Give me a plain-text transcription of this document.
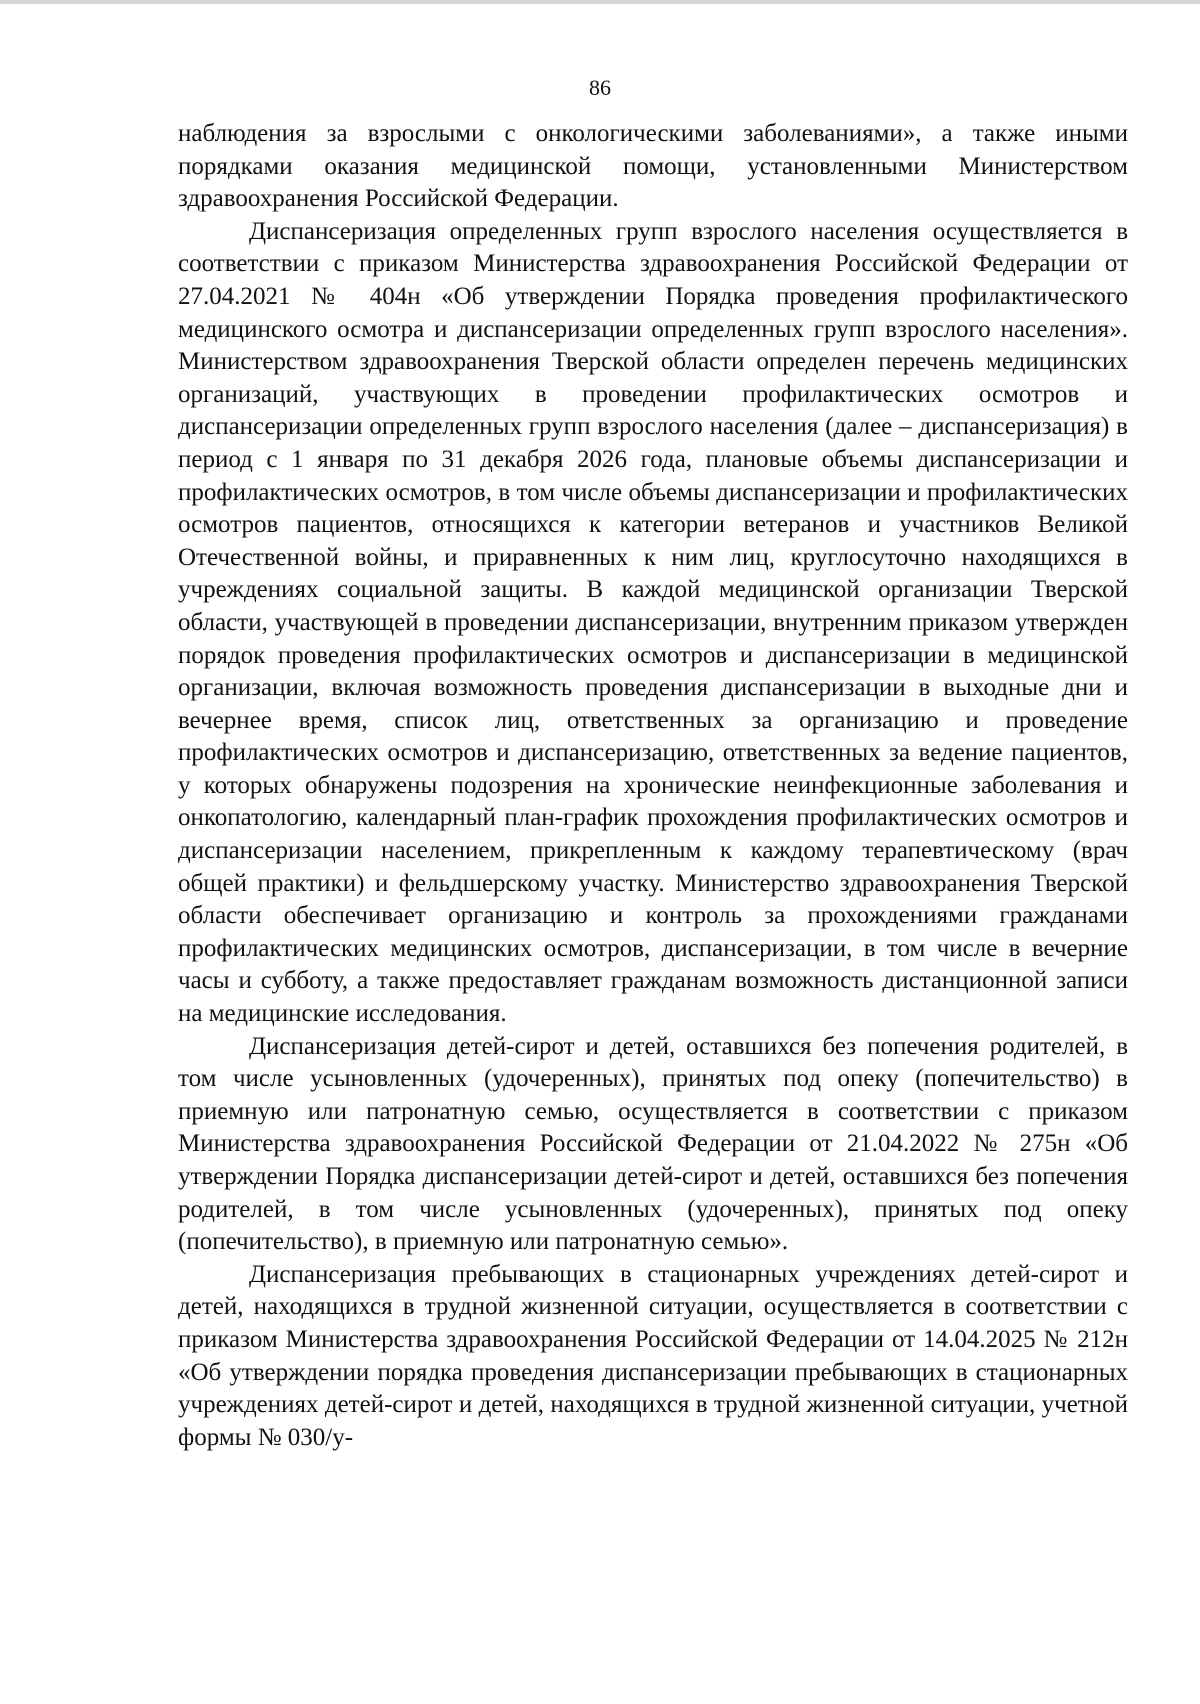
86

наблюдения за взрослыми с онкологическими заболеваниями», а также иными порядками оказания медицинской помощи, установленными Министерством здравоохранения Российской Федерации.

Диспансеризация определенных групп взрослого населения осуществляется в соответствии с приказом Министерства здравоохранения Российской Федерации от 27.04.2021 № 404н «Об утверждении Порядка проведения профилактического медицинского осмотра и диспансеризации определенных групп взрослого населения». Министерством здравоохранения Тверской области определен перечень медицинских организаций, участвующих в проведении профилактических осмотров и диспансеризации определенных групп взрослого населения (далее – диспансеризация) в период с 1 января по 31 декабря 2026 года, плановые объемы диспансеризации и профилактических осмотров, в том числе объемы диспансеризации и профилактических осмотров пациентов, относящихся к категории ветеранов и участников Великой Отечественной войны, и приравненных к ним лиц, круглосуточно находящихся в учреждениях социальной защиты. В каждой медицинской организации Тверской области, участвующей в проведении диспансеризации, внутренним приказом утвержден порядок проведения профилактических осмотров и диспансеризации в медицинской организации, включая возможность проведения диспансеризации в выходные дни и вечернее время, список лиц, ответственных за организацию и проведение профилактических осмотров и диспансеризацию, ответственных за ведение пациентов, у которых обнаружены подозрения на хронические неинфекционные заболевания и онкопатологию, календарный план-график прохождения профилактических осмотров и диспансеризации населением, прикрепленным к каждому терапевтическому (врач общей практики) и фельдшерскому участку. Министерство здравоохранения Тверской области обеспечивает организацию и контроль за прохождениями гражданами профилактических медицинских осмотров, диспансеризации, в том числе в вечерние часы и субботу, а также предоставляет гражданам возможность дистанционной записи на медицинские исследования.

Диспансеризация детей-сирот и детей, оставшихся без попечения родителей, в том числе усыновленных (удочеренных), принятых под опеку (попечительство) в приемную или патронатную семью, осуществляется в соответствии с приказом Министерства здравоохранения Российской Федерации от 21.04.2022 № 275н «Об утверждении Порядка диспансеризации детей-сирот и детей, оставшихся без попечения родителей, в том числе усыновленных (удочеренных), принятых под опеку (попечительство), в приемную или патронатную семью».

Диспансеризация пребывающих в стационарных учреждениях детей-сирот и детей, находящихся в трудной жизненной ситуации, осуществляется в соответствии с приказом Министерства здравоохранения Российской Федерации от 14.04.2025 № 212н «Об утверждении порядка проведения диспансеризации пребывающих в стационарных учреждениях детей-сирот и детей, находящихся в трудной жизненной ситуации, учетной формы № 030/у-
